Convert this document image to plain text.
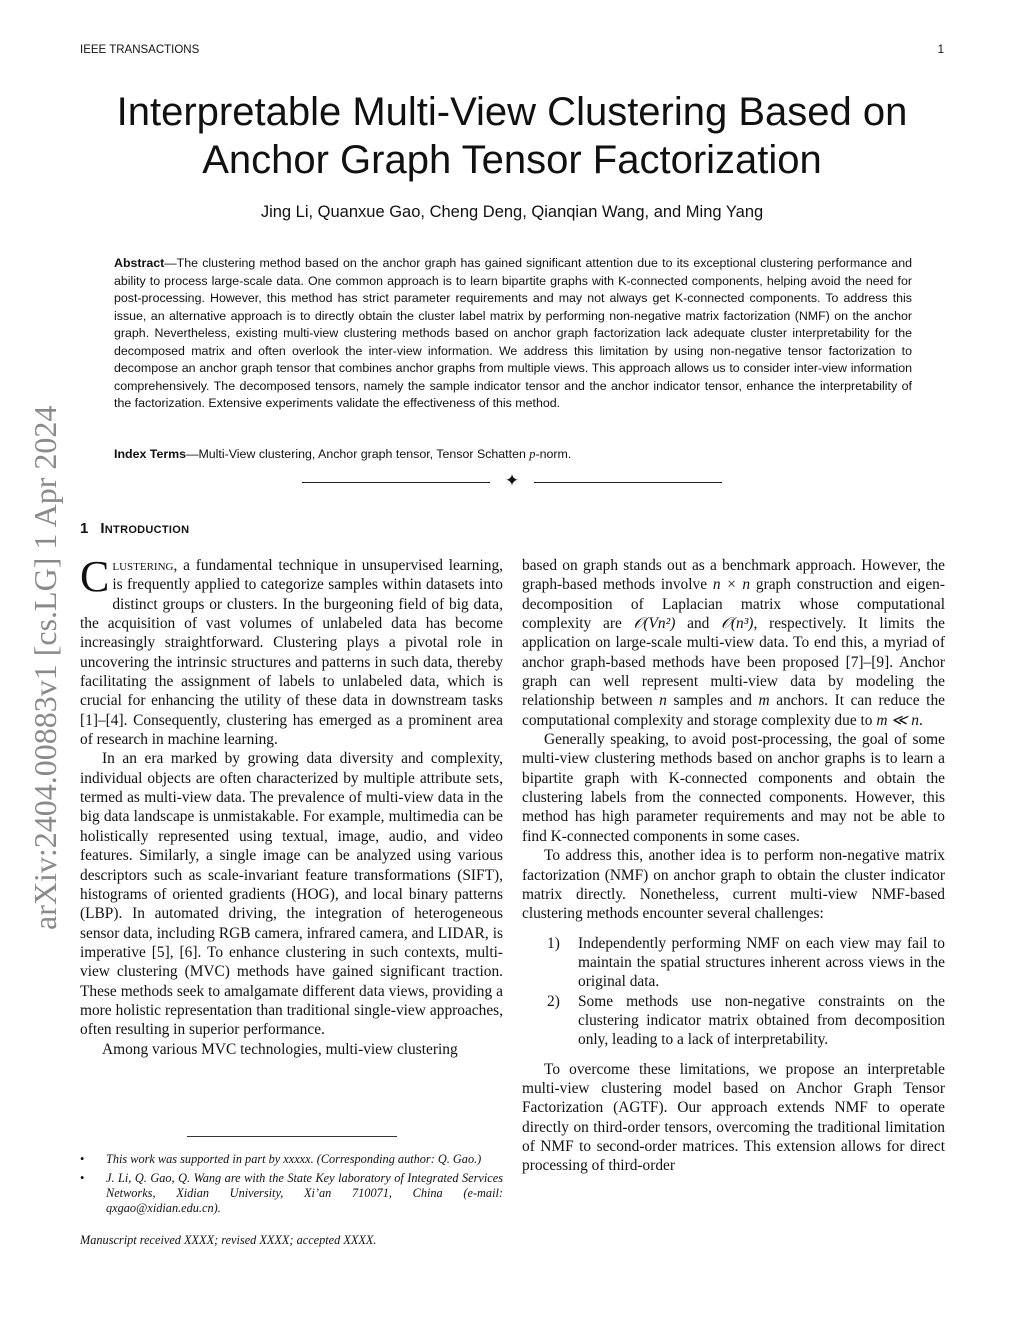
IEEE TRANSACTIONS	1
arXiv:2404.00883v1 [cs.LG] 1 Apr 2024
Interpretable Multi-View Clustering Based on Anchor Graph Tensor Factorization
Jing Li, Quanxue Gao, Cheng Deng, Qianqian Wang, and Ming Yang
Abstract—The clustering method based on the anchor graph has gained significant attention due to its exceptional clustering performance and ability to process large-scale data. One common approach is to learn bipartite graphs with K-connected components, helping avoid the need for post-processing. However, this method has strict parameter requirements and may not always get K-connected components. To address this issue, an alternative approach is to directly obtain the cluster label matrix by performing non-negative matrix factorization (NMF) on the anchor graph. Nevertheless, existing multi-view clustering methods based on anchor graph factorization lack adequate cluster interpretability for the decomposed matrix and often overlook the inter-view information. We address this limitation by using non-negative tensor factorization to decompose an anchor graph tensor that combines anchor graphs from multiple views. This approach allows us to consider inter-view information comprehensively. The decomposed tensors, namely the sample indicator tensor and the anchor indicator tensor, enhance the interpretability of the factorization. Extensive experiments validate the effectiveness of this method.
Index Terms—Multi-View clustering, Anchor graph tensor, Tensor Schatten p-norm.
✦
1 Introduction

Clustering, a fundamental technique in unsupervised learning, is frequently applied to categorize samples within datasets into distinct groups or clusters. In the burgeoning field of big data, the acquisition of vast volumes of unlabeled data has become increasingly straightforward. Clustering plays a pivotal role in uncovering the intrinsic structures and patterns in such data, thereby facilitating the assignment of labels to unlabeled data, which is crucial for enhancing the utility of these data in downstream tasks [1]–[4]. Consequently, clustering has emerged as a prominent area of research in machine learning.

In an era marked by growing data diversity and complexity, individual objects are often characterized by multiple attribute sets, termed as multi-view data. The prevalence of multi-view data in the big data landscape is unmistakable. For example, multimedia can be holistically represented using textual, image, audio, and video features. Similarly, a single image can be analyzed using various descriptors such as scale-invariant feature transformations (SIFT), histograms of oriented gradients (HOG), and local binary patterns (LBP). In automated driving, the integration of heterogeneous sensor data, including RGB camera, infrared camera, and LIDAR, is imperative [5], [6]. To enhance clustering in such contexts, multi-view clustering (MVC) methods have gained significant traction. These methods seek to amalgamate different data views, providing a more holistic representation than traditional single-view approaches, often resulting in superior performance.

Among various MVC technologies, multi-view clustering

based on graph stands out as a benchmark approach. However, the graph-based methods involve n × n graph construction and eigen-decomposition of Laplacian matrix whose computational complexity are 𝒪(Vn²) and 𝒪(n³), respectively. It limits the application on large-scale multi-view data. To end this, a myriad of anchor graph-based methods have been proposed [7]–[9]. Anchor graph can well represent multi-view data by modeling the relationship between n samples and m anchors. It can reduce the computational complexity and storage complexity due to m ≪ n.

Generally speaking, to avoid post-processing, the goal of some multi-view clustering methods based on anchor graphs is to learn a bipartite graph with K-connected components and obtain the clustering labels from the connected components. However, this method has high parameter requirements and may not be able to find K-connected components in some cases.

To address this, another idea is to perform non-negative matrix factorization (NMF) on anchor graph to obtain the cluster indicator matrix directly. Nonetheless, current multi-view NMF-based clustering methods encounter several challenges:

1)	Independently performing NMF on each view may fail to maintain the spatial structures inherent across views in the original data.
2)	Some methods use non-negative constraints on the clustering indicator matrix obtained from decomposition only, leading to a lack of interpretability.

To overcome these limitations, we propose an interpretable multi-view clustering model based on Anchor Graph Tensor Factorization (AGTF). Our approach extends NMF to operate directly on third-order tensors, overcoming the traditional limitation of NMF to second-order matrices. This extension allows for direct processing of third-order

•	This work was supported in part by xxxxx. (Corresponding author: Q. Gao.)
•	J. Li, Q. Gao, Q. Wang are with the State Key laboratory of Integrated Services Networks, Xidian University, Xi’an 710071, China (e-mail: qxgao@xidian.edu.cn).
Manuscript received XXXX; revised XXXX; accepted XXXX.
